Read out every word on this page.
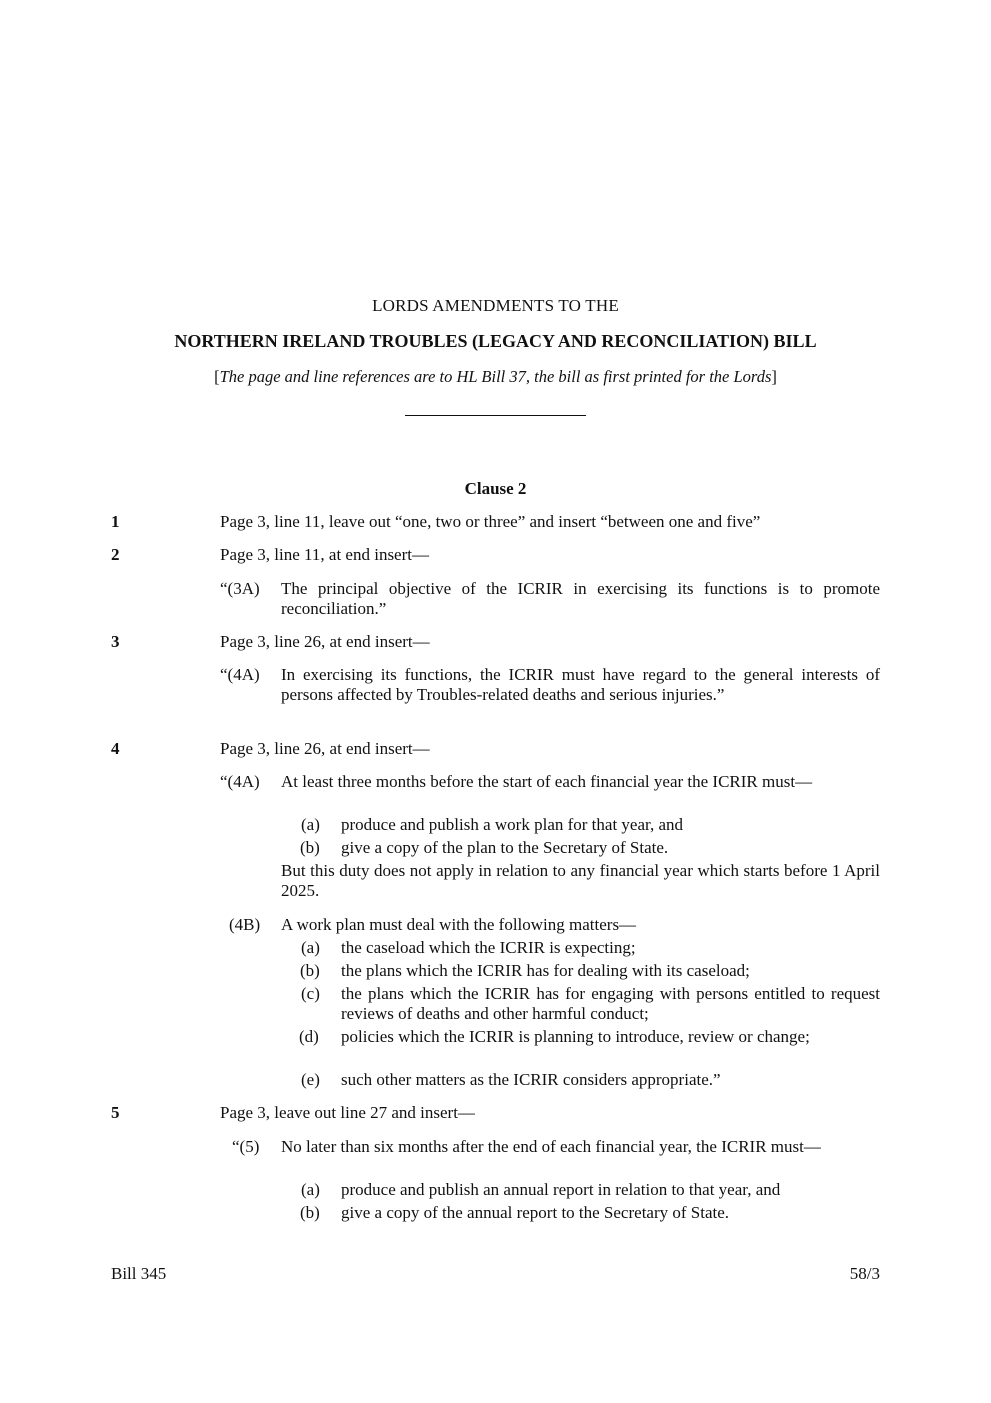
LORDS AMENDMENTS TO THE
NORTHERN IRELAND TROUBLES (LEGACY AND RECONCILIATION) BILL
[The page and line references are to HL Bill 37, the bill as first printed for the Lords]
Clause 2
1	Page 3, line 11, leave out “one, two or three” and insert “between one and five”
2	Page 3, line 11, at end insert—
“(3A) The principal objective of the ICRIR in exercising its functions is to promote reconciliation.”
3	Page 3, line 26, at end insert—
“(4A) In exercising its functions, the ICRIR must have regard to the general interests of persons affected by Troubles-related deaths and serious injuries.”
4	Page 3, line 26, at end insert—
“(4A) At least three months before the start of each financial year the ICRIR must—
(a) produce and publish a work plan for that year, and
(b) give a copy of the plan to the Secretary of State.
But this duty does not apply in relation to any financial year which starts before 1 April 2025.
(4B) A work plan must deal with the following matters—
(a) the caseload which the ICRIR is expecting;
(b) the plans which the ICRIR has for dealing with its caseload;
(c) the plans which the ICRIR has for engaging with persons entitled to request reviews of deaths and other harmful conduct;
(d) policies which the ICRIR is planning to introduce, review or change;
(e) such other matters as the ICRIR considers appropriate.”
5	Page 3, leave out line 27 and insert—
“(5) No later than six months after the end of each financial year, the ICRIR must—
(a) produce and publish an annual report in relation to that year, and
(b) give a copy of the annual report to the Secretary of State.
Bill 345	58/3
